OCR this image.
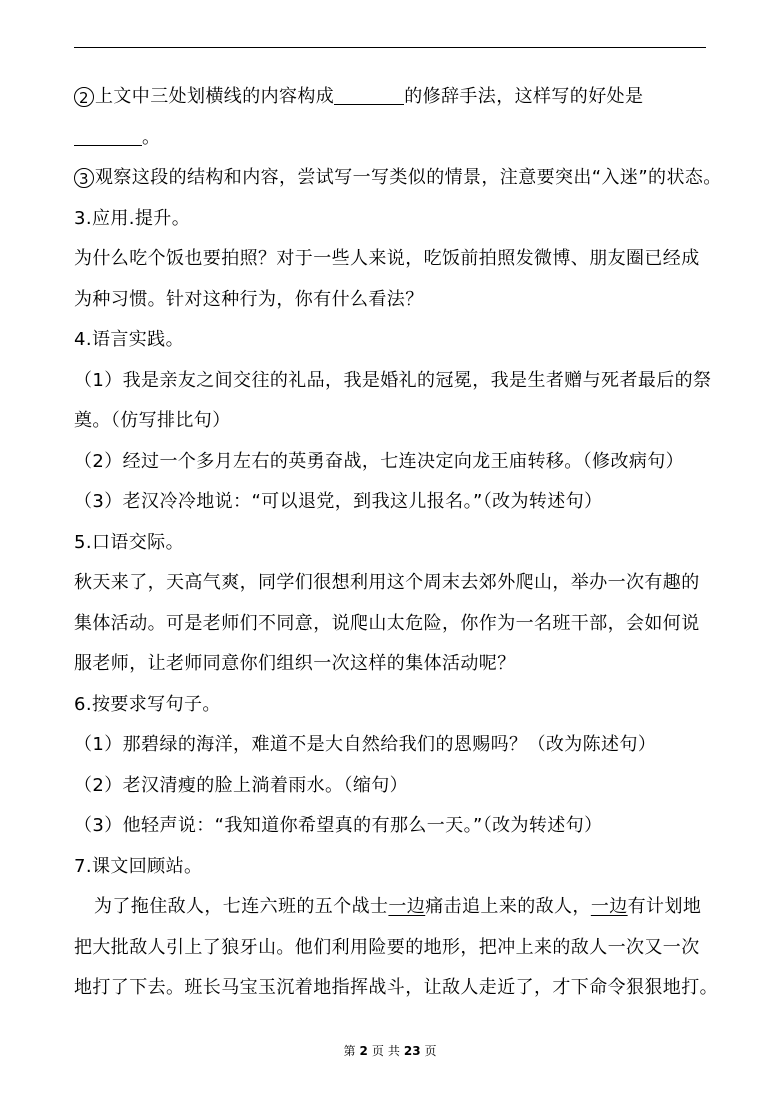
2 上文中三处划横线的内容构成	的修辞手法，这样写的好处是
。
3 观察这段的结构和内容，尝试写一写类似的情景，注意要突出“入迷”的状态。
3.应用.提升。
为什么吃个饭也要拍照？对于一些人来说，吃饭前拍照发微博、朋友圈已经成
为种习惯。针对这种行为，你有什么看法？
4.语言实践。
（1）我是亲友之间交往的礼品，我是婚礼的冠冕，我是生者赠与死者最后的祭
奠。（仿写排比句）
（2）经过一个多月左右的英勇奋战，七连决定向龙王庙转移。（修改病句）
（3）老汉冷冷地说：“可以退党，到我这儿报名。”（改为转述句）
5.口语交际。
秋天来了，天高气爽，同学们很想利用这个周末去郊外爬山，举办一次有趣的
集体活动。可是老师们不同意，说爬山太危险，你作为一名班干部，会如何说
服老师，让老师同意你们组织一次这样的集体活动呢？
6.按要求写句子。
（1）那碧绿的海洋，难道不是大自然给我们的恩赐吗？（改为陈述句）
（2）老汉清瘦的脸上淌着雨水。（缩句）
（3）他轻声说：“我知道你希望真的有那么一天。”（改为转述句）
7.课文回顾站。
为了拖住敌人，七连六班的五个战士一边痛击追上来的敌人，一边有计划地
把大批敌人引上了狼牙山。他们利用险要的地形，把冲上来的敌人一次又一次
地打了下去。班长马宝玉沉着地指挥战斗，让敌人走近了，才下命令狠狠地打。
第 2 页 共 23 页
